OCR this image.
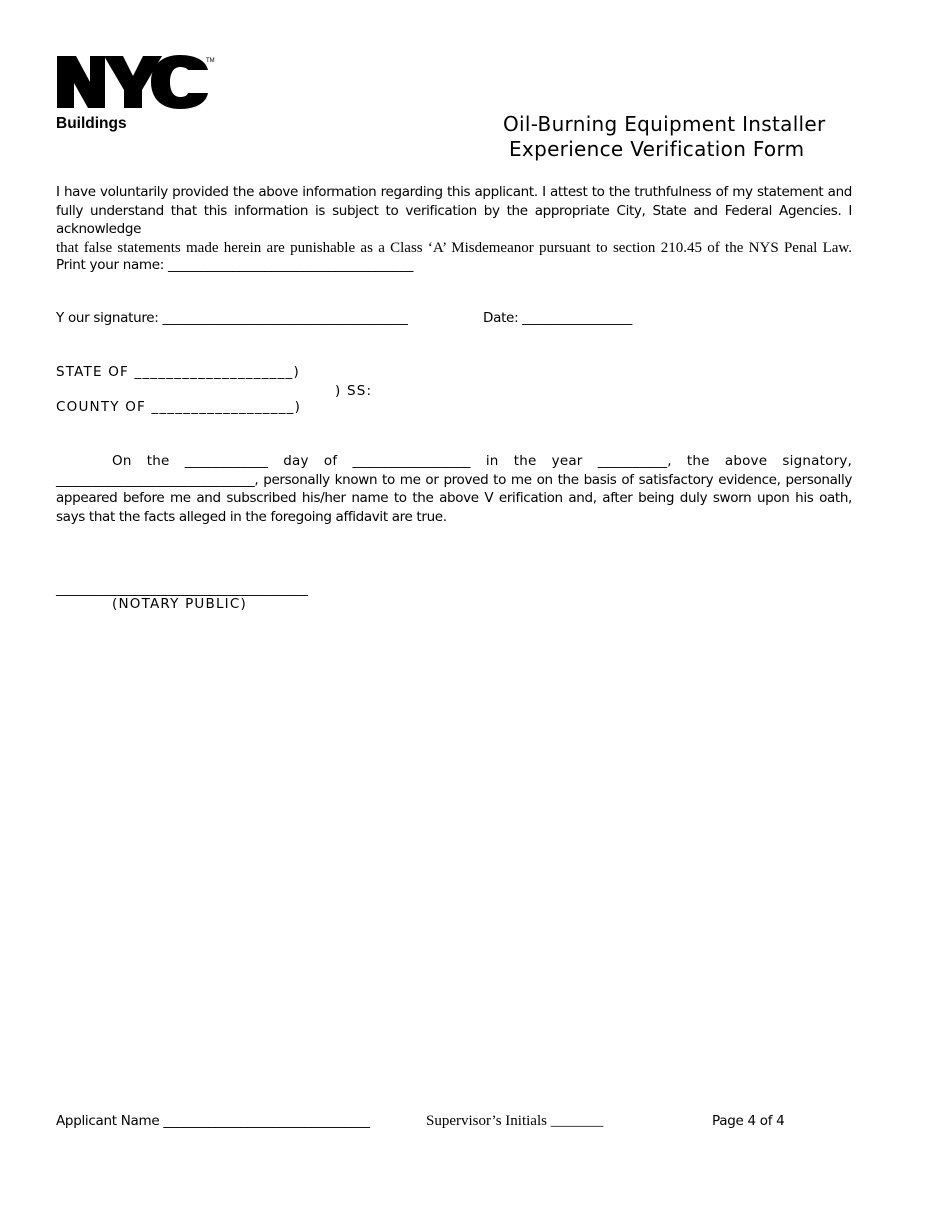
TM
Buildings	Oil-Burning Equipment Installer
Experience Verification Form
I have voluntarily provided the above information regarding this applicant. I attest to the truthfulness of my statement and fully understand that this information is subject to verification by the appropriate City, State and Federal Agencies. I acknowledge
that false statements made herein are punishable as a Class ‘A’ Misdemeanor pursuant to section 210.45 of the NYS Penal Law.
Print your name: ______________________________________
Y our signature: ______________________________________	Date: _________________
STATE OF ____________________)
) SS:
COUNTY OF __________________)
On the ____________ day of _________________ in the year __________, the above signatory,
_______________________________, personally known to me or proved to me on the basis of satisfactory evidence, personally appeared before me and subscribed his/her name to the above V erification and, after being duly sworn upon his oath, says that the facts alleged in the foregoing affidavit are true.
_______________________________________
(NOTARY PUBLIC)
Applicant Name ________________________________	Supervisor’s Initials _______	Page 4 of 4
